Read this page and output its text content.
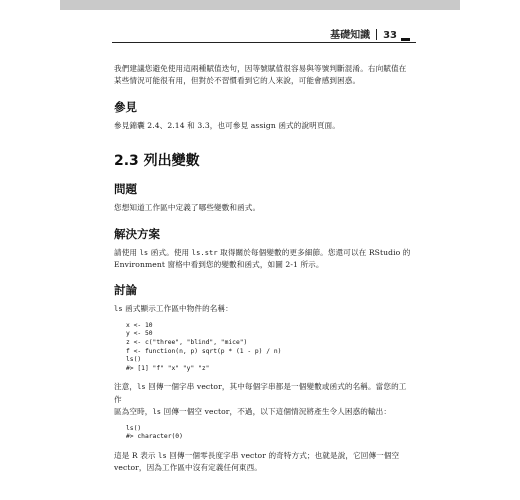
基礎知識 33

我們建議您避免使用這兩種賦值迭句，因等號賦值很容易與等號判斷混淆。右向賦值在某些情況可能很有用，但對於不習慣看到它的人來說，可能會感到困惑。

參見

參見錦囊 2.4、2.14 和 3.3，也可參見 assign 函式的說明頁面。

2.3 列出變數
問題

您想知道工作區中定義了哪些變數和函式。

解決方案

請使用 ls 函式。使用 ls.str 取得關於每個變數的更多細節。您還可以在 RStudio 的
Environment 窗格中看到您的變數和函式，如圖 2-1 所示。

討論

ls 函式顯示工作區中物件的名稱：

x <- 10
y <- 50
z <- c("three", "blind", "mice")
f <- function(n, p) sqrt(p * (1 - p) / n)
ls()
#> [1] "f" "x" "y" "z"

注意，ls 回傳一個字串 vector，其中每個字串都是一個變數或函式的名稱。當您的工作
區為空時，ls 回傳一個空 vector，不過，以下這個情況將產生令人困惑的輸出：

ls()
#> character(0)

這是 R 表示 ls 回傳一個零長度字串 vector 的奇特方式；也就是說，它回傳一個空
vector，因為工作區中沒有定義任何東西。
